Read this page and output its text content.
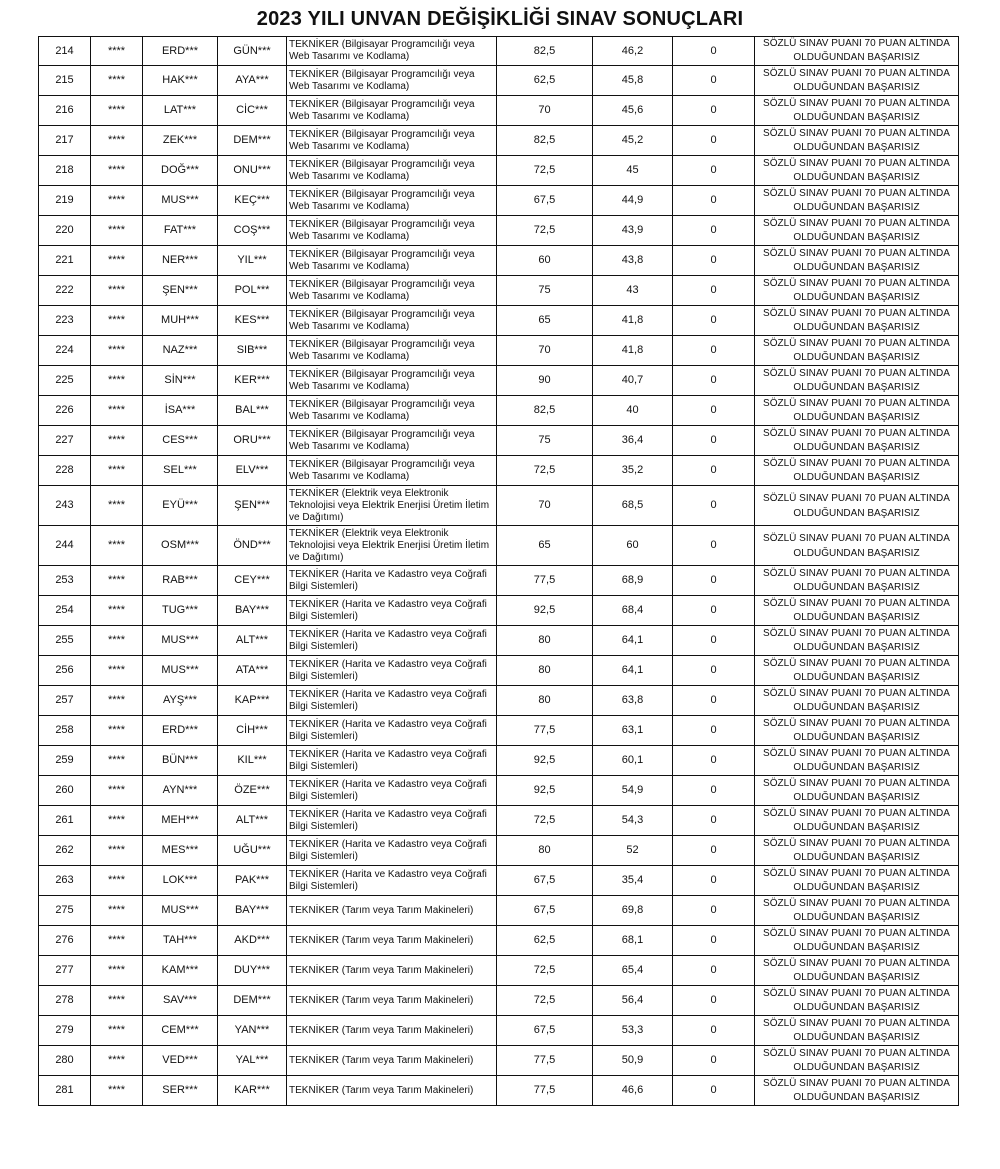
2023 YILI UNVAN DEĞİŞİKLİĞİ SINAV SONUÇLARI
214	****	ERD***	GÜN***	TEKNİKER (Bilgisayar Programcılığı veya Web Tasarımı ve Kodlama)	82,5	46,2	0	SÖZLÜ SINAV PUANI 70 PUAN ALTINDA OLDUĞUNDAN BAŞARISIZ
215	****	HAK***	AYA***	TEKNİKER (Bilgisayar Programcılığı veya Web Tasarımı ve Kodlama)	62,5	45,8	0	SÖZLÜ SINAV PUANI 70 PUAN ALTINDA OLDUĞUNDAN BAŞARISIZ
216	****	LAT***	CİC***	TEKNİKER (Bilgisayar Programcılığı veya Web Tasarımı ve Kodlama)	70	45,6	0	SÖZLÜ SINAV PUANI 70 PUAN ALTINDA OLDUĞUNDAN BAŞARISIZ
217	****	ZEK***	DEM***	TEKNİKER (Bilgisayar Programcılığı veya Web Tasarımı ve Kodlama)	82,5	45,2	0	SÖZLÜ SINAV PUANI 70 PUAN ALTINDA OLDUĞUNDAN BAŞARISIZ
218	****	DOĞ***	ONU***	TEKNİKER (Bilgisayar Programcılığı veya Web Tasarımı ve Kodlama)	72,5	45	0	SÖZLÜ SINAV PUANI 70 PUAN ALTINDA OLDUĞUNDAN BAŞARISIZ
219	****	MUS***	KEÇ***	TEKNİKER (Bilgisayar Programcılığı veya Web Tasarımı ve Kodlama)	67,5	44,9	0	SÖZLÜ SINAV PUANI 70 PUAN ALTINDA OLDUĞUNDAN BAŞARISIZ
220	****	FAT***	COŞ***	TEKNİKER (Bilgisayar Programcılığı veya Web Tasarımı ve Kodlama)	72,5	43,9	0	SÖZLÜ SINAV PUANI 70 PUAN ALTINDA OLDUĞUNDAN BAŞARISIZ
221	****	NER***	YIL***	TEKNİKER (Bilgisayar Programcılığı veya Web Tasarımı ve Kodlama)	60	43,8	0	SÖZLÜ SINAV PUANI 70 PUAN ALTINDA OLDUĞUNDAN BAŞARISIZ
222	****	ŞEN***	POL***	TEKNİKER (Bilgisayar Programcılığı veya Web Tasarımı ve Kodlama)	75	43	0	SÖZLÜ SINAV PUANI 70 PUAN ALTINDA OLDUĞUNDAN BAŞARISIZ
223	****	MUH***	KES***	TEKNİKER (Bilgisayar Programcılığı veya Web Tasarımı ve Kodlama)	65	41,8	0	SÖZLÜ SINAV PUANI 70 PUAN ALTINDA OLDUĞUNDAN BAŞARISIZ
224	****	NAZ***	SIB***	TEKNİKER (Bilgisayar Programcılığı veya Web Tasarımı ve Kodlama)	70	41,8	0	SÖZLÜ SINAV PUANI 70 PUAN ALTINDA OLDUĞUNDAN BAŞARISIZ
225	****	SİN***	KER***	TEKNİKER (Bilgisayar Programcılığı veya Web Tasarımı ve Kodlama)	90	40,7	0	SÖZLÜ SINAV PUANI 70 PUAN ALTINDA OLDUĞUNDAN BAŞARISIZ
226	****	İSA***	BAL***	TEKNİKER (Bilgisayar Programcılığı veya Web Tasarımı ve Kodlama)	82,5	40	0	SÖZLÜ SINAV PUANI 70 PUAN ALTINDA OLDUĞUNDAN BAŞARISIZ
227	****	CES***	ORU***	TEKNİKER (Bilgisayar Programcılığı veya Web Tasarımı ve Kodlama)	75	36,4	0	SÖZLÜ SINAV PUANI 70 PUAN ALTINDA OLDUĞUNDAN BAŞARISIZ
228	****	SEL***	ELV***	TEKNİKER (Bilgisayar Programcılığı veya Web Tasarımı ve Kodlama)	72,5	35,2	0	SÖZLÜ SINAV PUANI 70 PUAN ALTINDA OLDUĞUNDAN BAŞARISIZ
243	****	EYÜ***	ŞEN***	TEKNİKER (Elektrik veya Elektronik Teknolojisi veya Elektrik Enerjisi Üretim İletim ve Dağıtımı)	70	68,5	0	SÖZLÜ SINAV PUANI 70 PUAN ALTINDA OLDUĞUNDAN BAŞARISIZ
244	****	OSM***	ÖND***	TEKNİKER (Elektrik veya Elektronik Teknolojisi veya Elektrik Enerjisi Üretim İletim ve Dağıtımı)	65	60	0	SÖZLÜ SINAV PUANI 70 PUAN ALTINDA OLDUĞUNDAN BAŞARISIZ
253	****	RAB***	CEY***	TEKNİKER (Harita ve Kadastro veya Coğrafi Bilgi Sistemleri)	77,5	68,9	0	SÖZLÜ SINAV PUANI 70 PUAN ALTINDA OLDUĞUNDAN BAŞARISIZ
254	****	TUG***	BAY***	TEKNİKER (Harita ve Kadastro veya Coğrafi Bilgi Sistemleri)	92,5	68,4	0	SÖZLÜ SINAV PUANI 70 PUAN ALTINDA OLDUĞUNDAN BAŞARISIZ
255	****	MUS***	ALT***	TEKNİKER (Harita ve Kadastro veya Coğrafi Bilgi Sistemleri)	80	64,1	0	SÖZLÜ SINAV PUANI 70 PUAN ALTINDA OLDUĞUNDAN BAŞARISIZ
256	****	MUS***	ATA***	TEKNİKER (Harita ve Kadastro veya Coğrafi Bilgi Sistemleri)	80	64,1	0	SÖZLÜ SINAV PUANI 70 PUAN ALTINDA OLDUĞUNDAN BAŞARISIZ
257	****	AYŞ***	KAP***	TEKNİKER (Harita ve Kadastro veya Coğrafi Bilgi Sistemleri)	80	63,8	0	SÖZLÜ SINAV PUANI 70 PUAN ALTINDA OLDUĞUNDAN BAŞARISIZ
258	****	ERD***	CİH***	TEKNİKER (Harita ve Kadastro veya Coğrafi Bilgi Sistemleri)	77,5	63,1	0	SÖZLÜ SINAV PUANI 70 PUAN ALTINDA OLDUĞUNDAN BAŞARISIZ
259	****	BÜN***	KIL***	TEKNİKER (Harita ve Kadastro veya Coğrafi Bilgi Sistemleri)	92,5	60,1	0	SÖZLÜ SINAV PUANI 70 PUAN ALTINDA OLDUĞUNDAN BAŞARISIZ
260	****	AYN***	ÖZE***	TEKNİKER (Harita ve Kadastro veya Coğrafi Bilgi Sistemleri)	92,5	54,9	0	SÖZLÜ SINAV PUANI 70 PUAN ALTINDA OLDUĞUNDAN BAŞARISIZ
261	****	MEH***	ALT***	TEKNİKER (Harita ve Kadastro veya Coğrafi Bilgi Sistemleri)	72,5	54,3	0	SÖZLÜ SINAV PUANI 70 PUAN ALTINDA OLDUĞUNDAN BAŞARISIZ
262	****	MES***	UĞU***	TEKNİKER (Harita ve Kadastro veya Coğrafi Bilgi Sistemleri)	80	52	0	SÖZLÜ SINAV PUANI 70 PUAN ALTINDA OLDUĞUNDAN BAŞARISIZ
263	****	LOK***	PAK***	TEKNİKER (Harita ve Kadastro veya Coğrafi Bilgi Sistemleri)	67,5	35,4	0	SÖZLÜ SINAV PUANI 70 PUAN ALTINDA OLDUĞUNDAN BAŞARISIZ
275	****	MUS***	BAY***	TEKNİKER (Tarım veya Tarım Makineleri)	67,5	69,8	0	SÖZLÜ SINAV PUANI 70 PUAN ALTINDA OLDUĞUNDAN BAŞARISIZ
276	****	TAH***	AKD***	TEKNİKER (Tarım veya Tarım Makineleri)	62,5	68,1	0	SÖZLÜ SINAV PUANI 70 PUAN ALTINDA OLDUĞUNDAN BAŞARISIZ
277	****	KAM***	DUY***	TEKNİKER (Tarım veya Tarım Makineleri)	72,5	65,4	0	SÖZLÜ SINAV PUANI 70 PUAN ALTINDA OLDUĞUNDAN BAŞARISIZ
278	****	SAV***	DEM***	TEKNİKER (Tarım veya Tarım Makineleri)	72,5	56,4	0	SÖZLÜ SINAV PUANI 70 PUAN ALTINDA OLDUĞUNDAN BAŞARISIZ
279	****	CEM***	YAN***	TEKNİKER (Tarım veya Tarım Makineleri)	67,5	53,3	0	SÖZLÜ SINAV PUANI 70 PUAN ALTINDA OLDUĞUNDAN BAŞARISIZ
280	****	VED***	YAL***	TEKNİKER (Tarım veya Tarım Makineleri)	77,5	50,9	0	SÖZLÜ SINAV PUANI 70 PUAN ALTINDA OLDUĞUNDAN BAŞARISIZ
281	****	SER***	KAR***	TEKNİKER (Tarım veya Tarım Makineleri)	77,5	46,6	0	SÖZLÜ SINAV PUANI 70 PUAN ALTINDA OLDUĞUNDAN BAŞARISIZ
